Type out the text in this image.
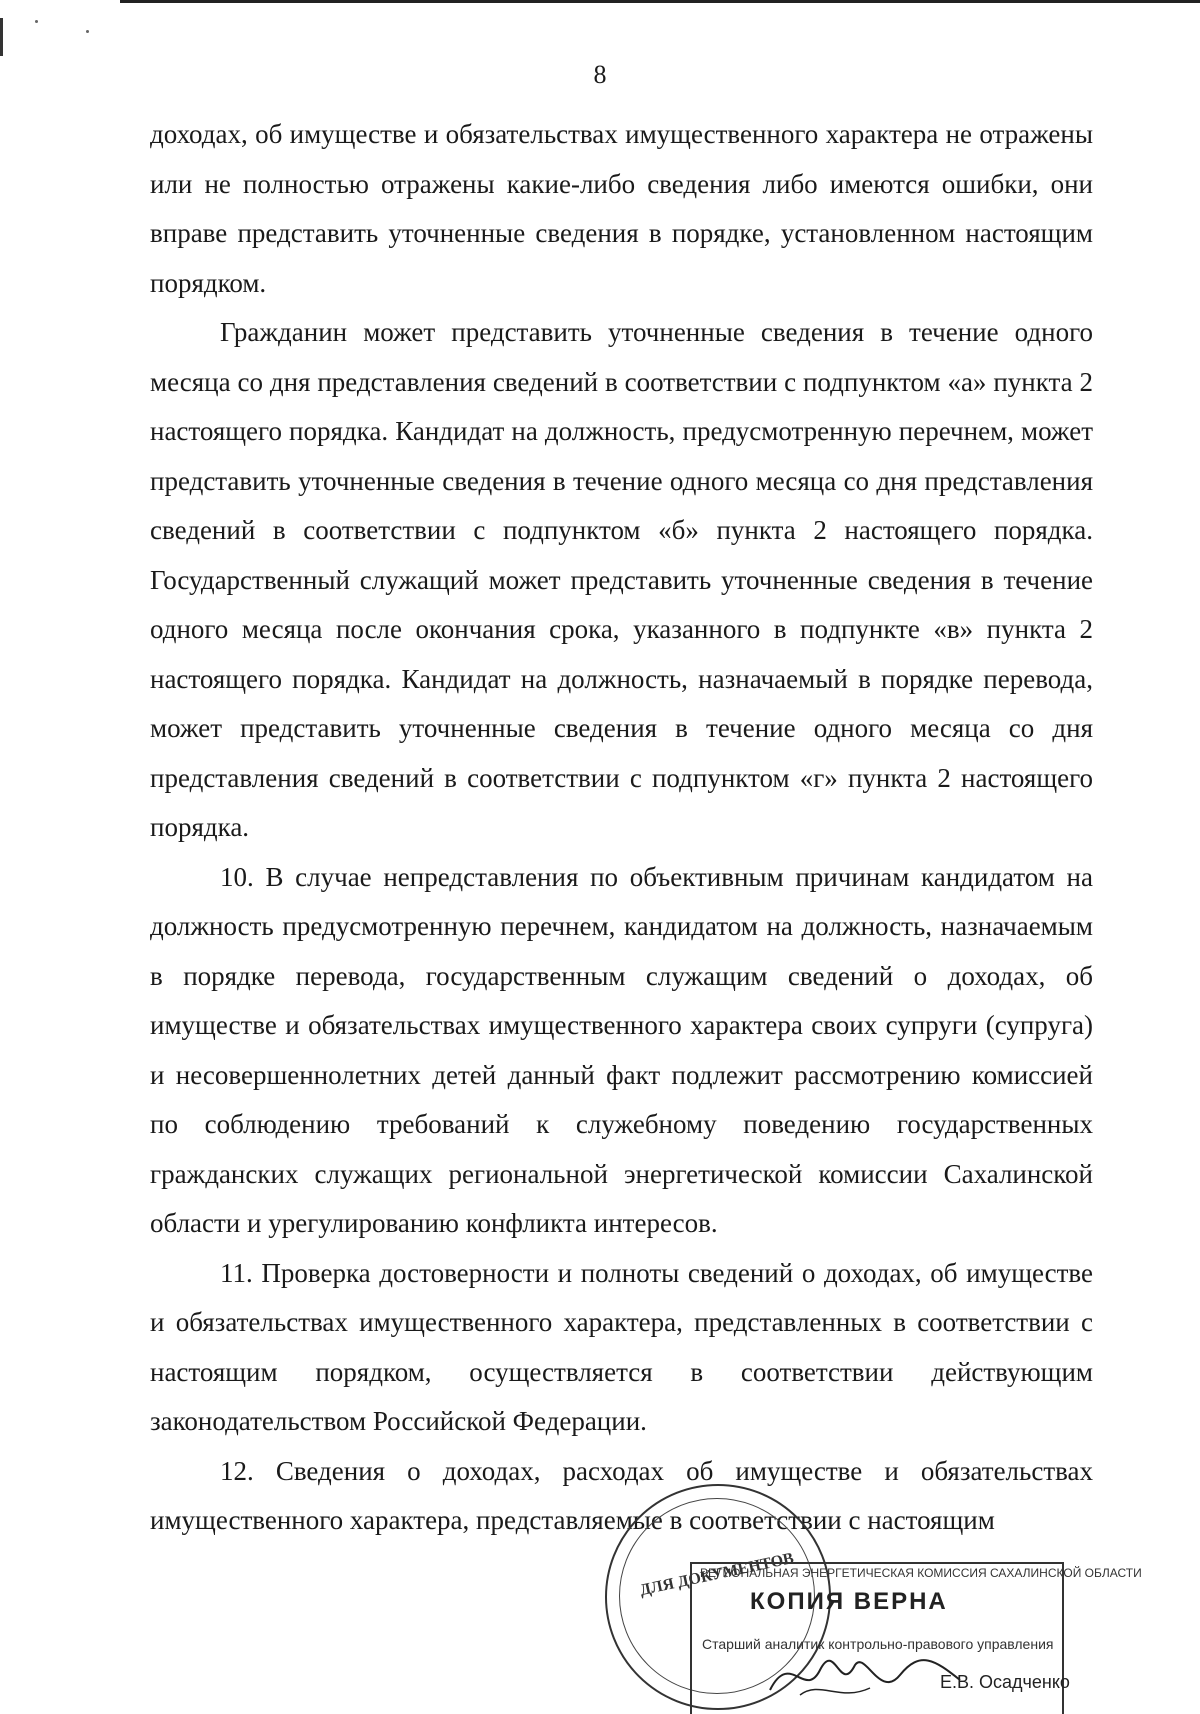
8

доходах, об имуществе и обязательствах имущественного характера не отражены или не полностью отражены какие-либо сведения либо имеются ошибки, они вправе представить уточненные сведения в порядке, установленном настоящим порядком.

Гражданин может представить уточненные сведения в течение одного месяца со дня представления сведений в соответствии с подпунктом «а» пункта 2 настоящего порядка. Кандидат на должность, предусмотренную перечнем, может представить уточненные сведения в течение одного месяца со дня представления сведений в соответствии с подпунктом «б» пункта 2 настоящего порядка. Государственный служащий может представить уточненные сведения в течение одного месяца после окончания срока, указанного в подпункте «в» пункта 2 настоящего порядка. Кандидат на должность, назначаемый в порядке перевода, может представить уточненные сведения в течение одного месяца со дня представления сведений в соответствии с подпунктом «г» пункта 2 настоящего порядка.

10. В случае непредставления по объективным причинам кандидатом на должность предусмотренную перечнем, кандидатом на должность, назначаемым в порядке перевода, государственным служащим сведений о доходах, об имуществе и обязательствах имущественного характера своих супруги (супруга) и несовершеннолетних детей данный факт подлежит рассмотрению комиссией по соблюдению требований к служебному поведению государственных гражданских служащих региональной энергетической комиссии Сахалинской области и урегулированию конфликта интересов.

11. Проверка достоверности и полноты сведений о доходах, об имуществе и обязательствах имущественного характера, представленных в соответствии с настоящим порядком, осуществляется в соответствии действующим законодательством Российской Федерации.

12. Сведения о доходах, расходах об имуществе и обязательствах имущественного характера, представляемые в соответствии с настоящим

ДЛЯ ДОКУМЕНТОВ
РЕГИОНАЛЬНАЯ ЭНЕРГЕТИЧЕСКАЯ КОМИССИЯ САХАЛИНСКОЙ ОБЛАСТИ
КОПИЯ ВЕРНА
Старший аналитик контрольно-правового управления
Е.В. Осадченко
